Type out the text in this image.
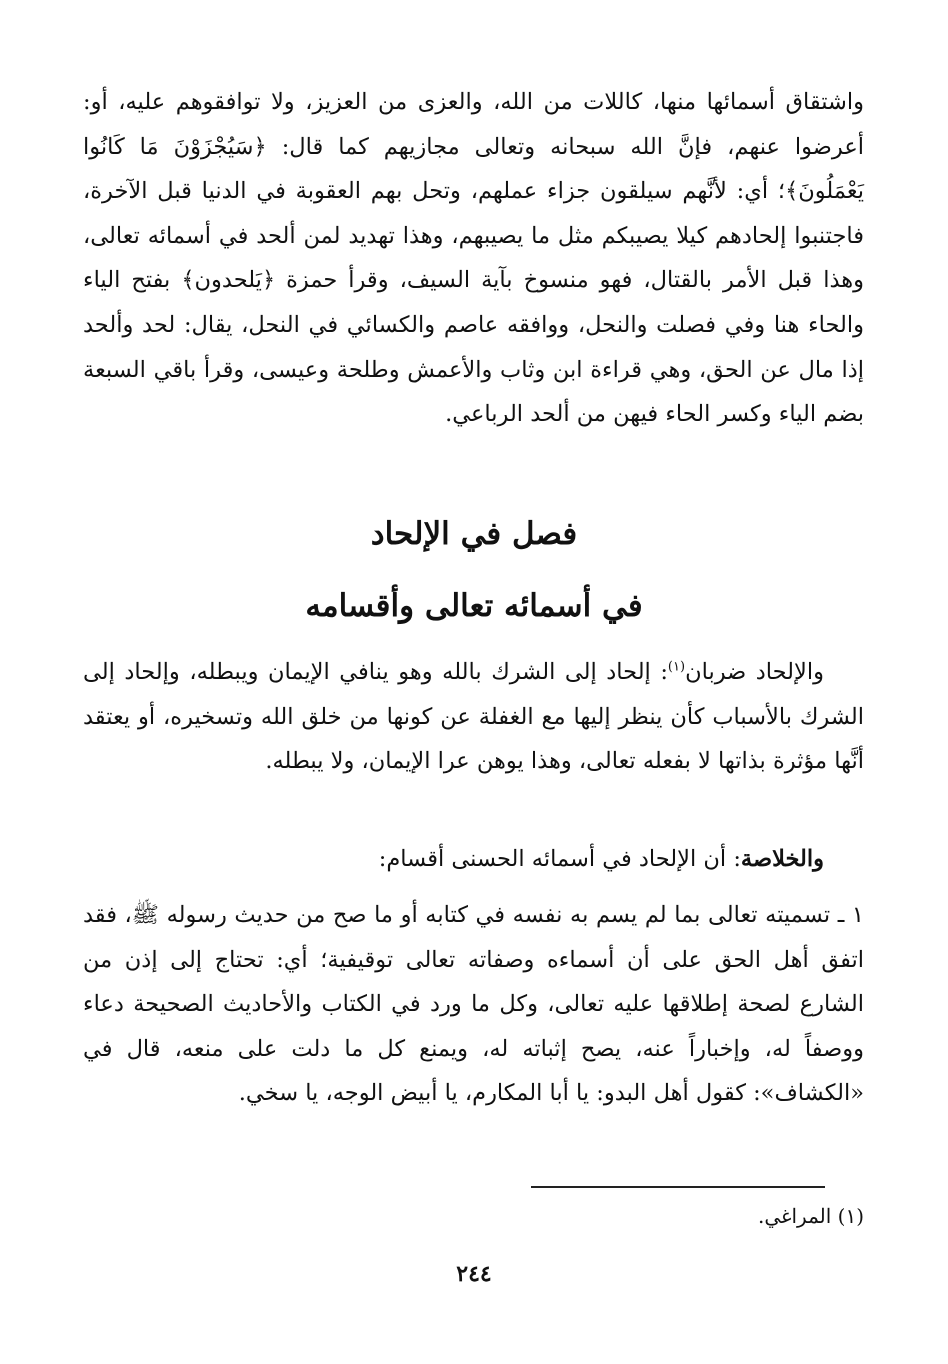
واشتقاق أسمائها منها، كاللات من الله، والعزى من العزيز، ولا توافقوهم عليه، أو: أعرضوا عنهم، فإنَّ الله سبحانه وتعالى مجازيهم كما قال: ﴿سَيُجْزَوْنَ مَا كَانُوا يَعْمَلُونَ﴾؛ أي: لأنَّهم سيلقون جزاء عملهم، وتحل بهم العقوبة في الدنيا قبل الآخرة، فاجتنبوا إلحادهم كيلا يصيبكم مثل ما يصيبهم، وهذا تهديد لمن ألحد في أسمائه تعالى، وهذا قبل الأمر بالقتال، فهو منسوخ بآية السيف، وقرأ حمزة ﴿يَلحدون﴾ بفتح الياء والحاء هنا وفي فصلت والنحل، ووافقه عاصم والكسائي في النحل، يقال: لحد وألحد إذا مال عن الحق، وهي قراءة ابن وثاب والأعمش وطلحة وعيسى، وقرأ باقي السبعة بضم الياء وكسر الحاء فيهن من ألحد الرباعي.

فصل في الإلحاد
في أسمائه تعالى وأقسامه

والإلحاد ضربان$^{(١)}$: إلحاد إلى الشرك بالله وهو ينافي الإيمان ويبطله، وإلحاد إلى الشرك بالأسباب كأن ينظر إليها مع الغفلة عن كونها من خلق الله وتسخيره، أو يعتقد أنَّها مؤثرة بذاتها لا بفعله تعالى، وهذا يوهن عرا الإيمان، ولا يبطله.

والخلاصة: أن الإلحاد في أسمائه الحسنى أقسام:

١ ـ تسميته تعالى بما لم يسم به نفسه في كتابه أو ما صح من حديث رسوله ﷺ، فقد اتفق أهل الحق على أن أسماءه وصفاته تعالى توقيفية؛ أي: تحتاج إلى إذن من الشارع لصحة إطلاقها عليه تعالى، وكل ما ورد في الكتاب والأحاديث الصحيحة دعاء ووصفاً له، وإخباراً عنه، يصح إثباته له، ويمنع كل ما دلت على منعه، قال في «الكشاف»: كقول أهل البدو: يا أبا المكارم، يا أبيض الوجه، يا سخي.

(١) المراغي.

٢٤٤
